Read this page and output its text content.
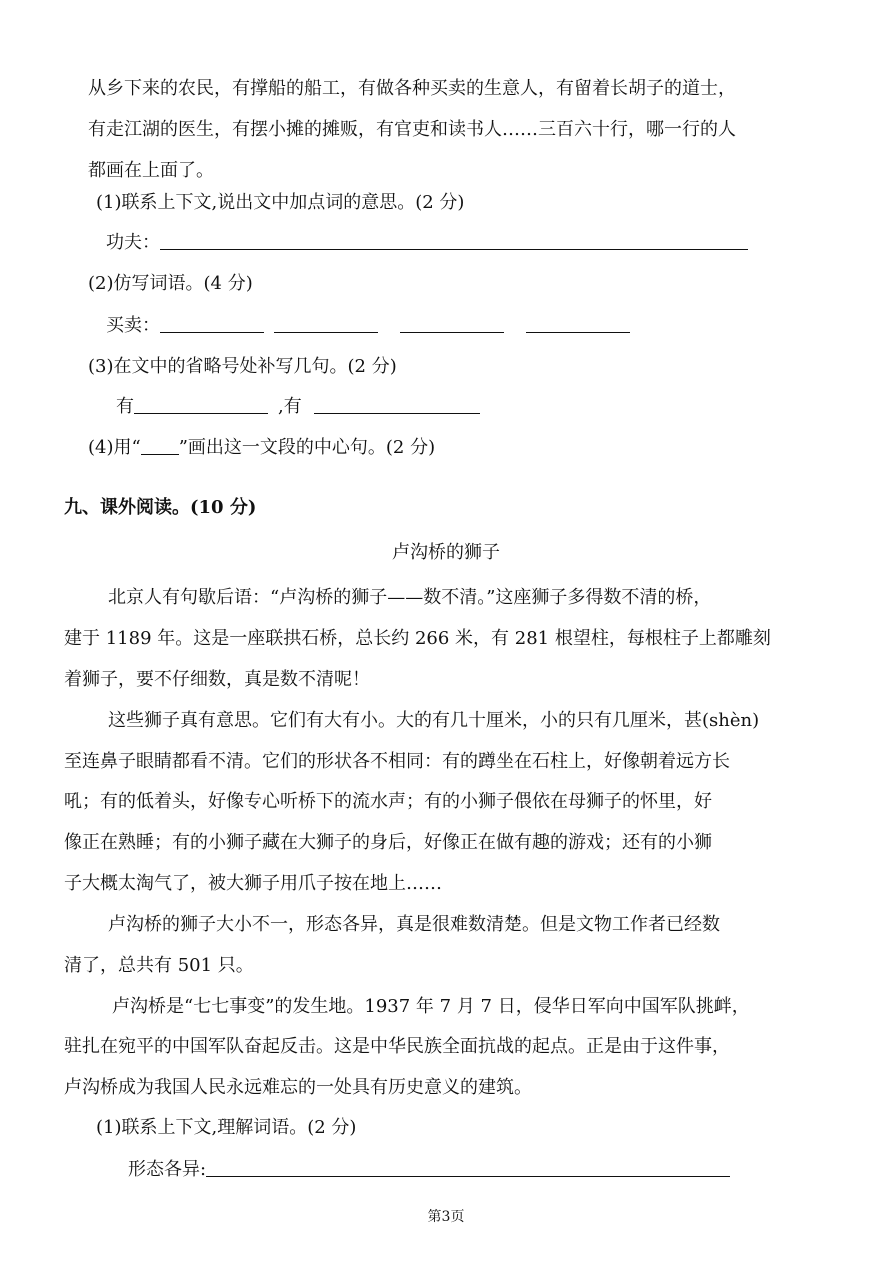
从乡下来的农民，有撑船的船工，有做各种买卖的生意人，有留着长胡子的道士，
有走江湖的医生，有摆小摊的摊贩，有官吏和读书人……三百六十行，哪一行的人
都画在上面了。
(1)联系上下文,说出文中加点词的意思。(2 分)
功夫：
(2)仿写词语。(4 分)
买卖：
(3)在文中的省略号处补写几句。(2 分)
有	,有
(4)用“ ”画出这一文段的中心句。(2 分)
九、课外阅读。(10 分)
卢沟桥的狮子
北京人有句歇后语：“卢沟桥的狮子——数不清。”这座狮子多得数不清的桥，
建于 1189 年。这是一座联拱石桥，总长约 266 米，有 281 根望柱，每根柱子上都雕刻
着狮子，要不仔细数，真是数不清呢！
这些狮子真有意思。它们有大有小。大的有几十厘米，小的只有几厘米，甚(shèn)
至连鼻子眼睛都看不清。它们的形状各不相同：有的蹲坐在石柱上，好像朝着远方长
吼；有的低着头，好像专心听桥下的流水声；有的小狮子偎依在母狮子的怀里，好
像正在熟睡；有的小狮子藏在大狮子的身后，好像正在做有趣的游戏；还有的小狮
子大概太淘气了，被大狮子用爪子按在地上……
卢沟桥的狮子大小不一，形态各异，真是很难数清楚。但是文物工作者已经数
清了，总共有 501 只。
卢沟桥是“七七事变”的发生地。1937 年 7 月 7 日，侵华日军向中国军队挑衅，
驻扎在宛平的中国军队奋起反击。这是中华民族全面抗战的起点。正是由于这件事，
卢沟桥成为我国人民永远难忘的一处具有历史意义的建筑。
(1)联系上下文,理解词语。(2 分)
形态各异:
第3页
